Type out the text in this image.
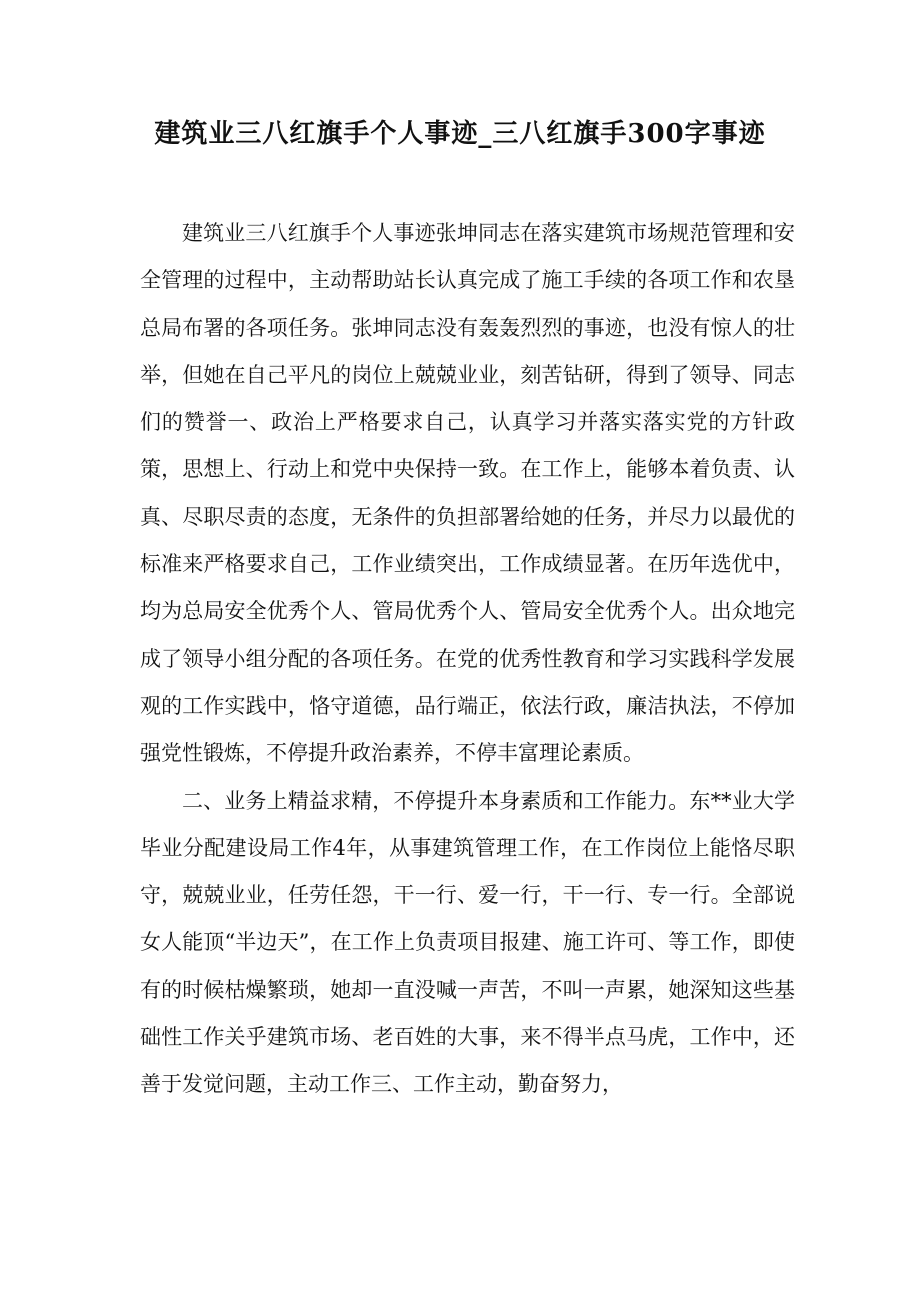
建筑业三八红旗手个人事迹_三八红旗手300字事迹

建筑业三八红旗手个人事迹张坤同志在落实建筑市场规范管理和安全管理的过程中，主动帮助站长认真完成了施工手续的各项工作和农垦总局布署的各项任务。张坤同志没有轰轰烈烈的事迹，也没有惊人的壮举，但她在自己平凡的岗位上兢兢业业，刻苦钻研，得到了领导、同志们的赞誉一、政治上严格要求自己，认真学习并落实落实党的方针政策，思想上、行动上和党中央保持一致。在工作上，能够本着负责、认真、尽职尽责的态度，无条件的负担部署给她的任务，并尽力以最优的标准来严格要求自己，工作业绩突出，工作成绩显著。在历年选优中，均为总局安全优秀个人、管局优秀个人、管局安全优秀个人。出众地完成了领导小组分配的各项任务。在党的优秀性教育和学习实践科学发展观的工作实践中，恪守道德，品行端正，依法行政，廉洁执法，不停加强党性锻炼，不停提升政治素养，不停丰富理论素质。

二、业务上精益求精，不停提升本身素质和工作能力。东**业大学毕业分配建设局工作4年，从事建筑管理工作，在工作岗位上能恪尽职守，兢兢业业，任劳任怨，干一行、爱一行，干一行、专一行。全部说女人能顶“半边天”，在工作上负责项目报建、施工许可、等工作，即使有的时候枯燥繁琐，她却一直没喊一声苦，不叫一声累，她深知这些基础性工作关乎建筑市场、老百姓的大事，来不得半点马虎，工作中，还善于发觉问题，主动工作三、工作主动，勤奋努力，
